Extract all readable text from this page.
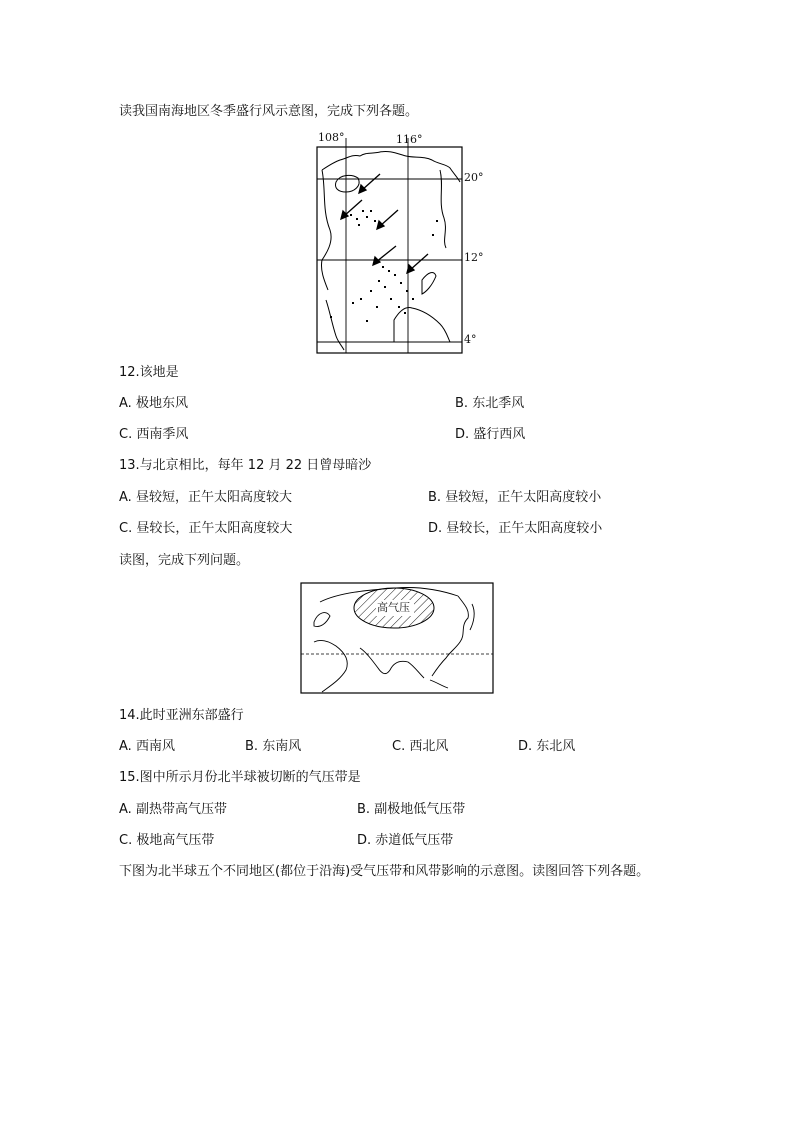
读我国南海地区冬季盛行风示意图，完成下列各题。
108°	116°
20°
12°
4°
12.该地是
A. 极地东风	B. 东北季风
C. 西南季风	D. 盛行西风
13.与北京相比，每年 12 月 22 日曾母暗沙
A. 昼较短，正午太阳高度较大	B. 昼较短，正午太阳高度较小
C. 昼较长，正午太阳高度较大	D. 昼较长，正午太阳高度较小
读图，完成下列问题。
高气压
14.此时亚洲东部盛行
A. 西南风	B. 东南风	C. 西北风	D. 东北风
15.图中所示月份北半球被切断的气压带是
A. 副热带高气压带	B. 副极地低气压带
C. 极地高气压带	D. 赤道低气压带
下图为北半球五个不同地区(都位于沿海)受气压带和风带影响的示意图。读图回答下列各题。
